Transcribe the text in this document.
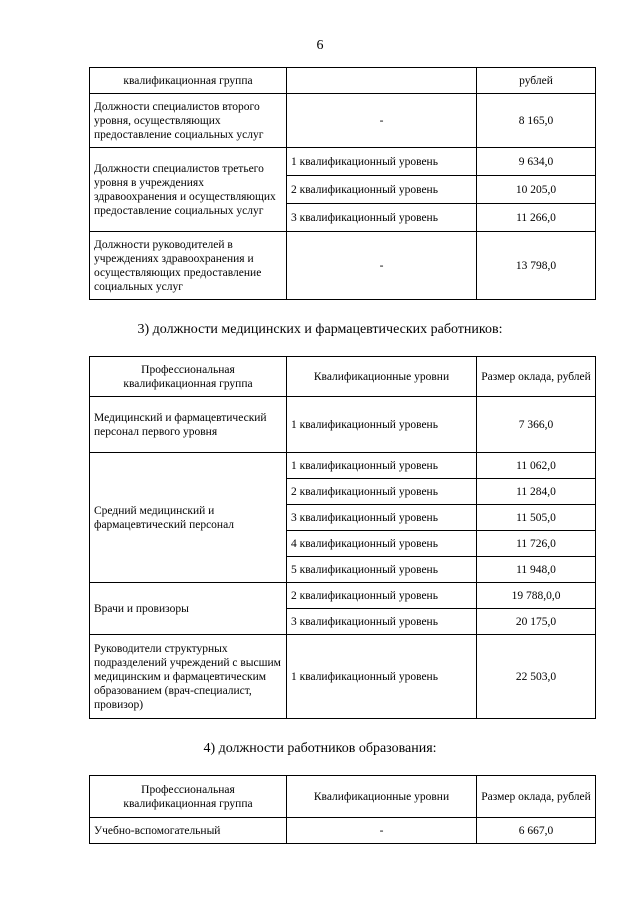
6
квалификационная группа		рублей
Должности специалистов второго уровня, осуществляющих предоставление социальных услуг	-	8 165,0
Должности специалистов третьего уровня в учреждениях здравоохранения и осуществляющих предоставление социальных услуг	1 квалификационный уровень	9 634,0
	2 квалификационный уровень	10 205,0
	3 квалификационный уровень	11 266,0
Должности руководителей в учреждениях здравоохранения и осуществляющих предоставление социальных услуг	-	13 798,0
3) должности медицинских и фармацевтических работников:
Профессиональная квалификационная группа	Квалификационные уровни	Размер оклада, рублей
Медицинский и фармацевтический персонал первого уровня	1 квалификационный уровень	7 366,0
Средний медицинский и фармацевтический персонал	1 квалификационный уровень	11 062,0
	2 квалификационный уровень	11 284,0
	3 квалификационный уровень	11 505,0
	4 квалификационный уровень	11 726,0
	5 квалификационный уровень	11 948,0
Врачи и провизоры	2 квалификационный уровень	19 788,0,0
	3 квалификационный уровень	20 175,0
Руководители структурных подразделений учреждений с высшим медицинским и фармацевтическим образованием (врач-специалист, провизор)	1 квалификационный уровень	22 503,0
4) должности работников образования:
Профессиональная квалификационная группа	Квалификационные уровни	Размер оклада, рублей
Учебно-вспомогательный	-	6 667,0
